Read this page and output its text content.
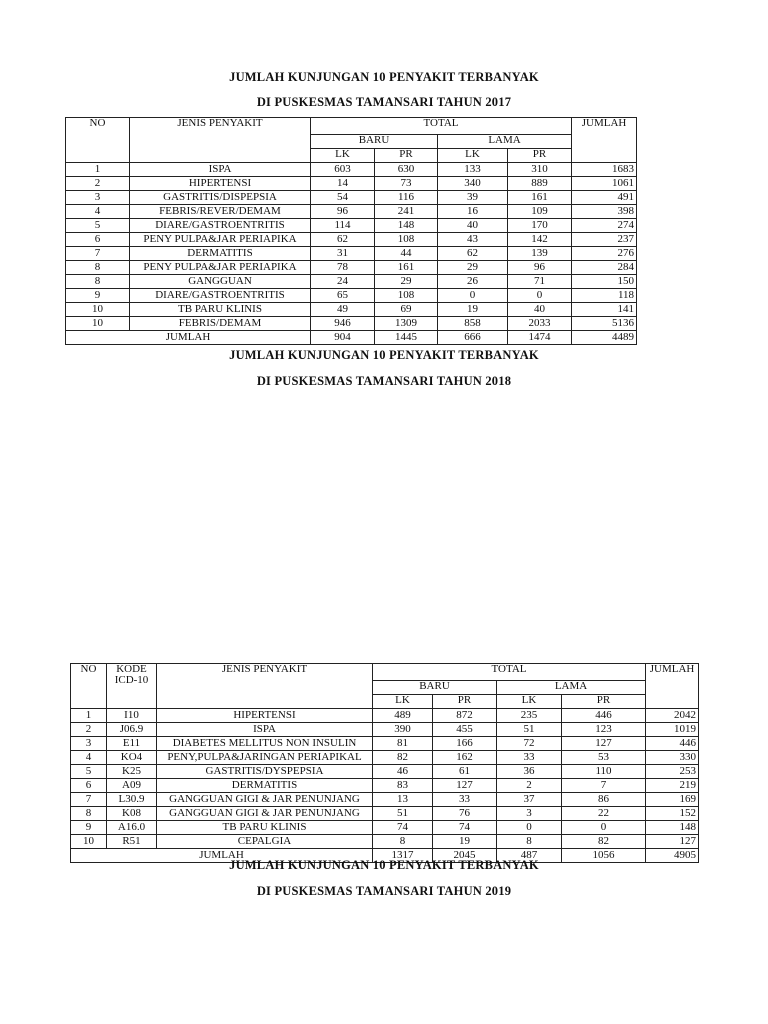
JUMLAH KUNJUNGAN 10 PENYAKIT TERBANYAK

DI PUSKESMAS TAMANSARI TAHUN 2017

NO	JENIS PENYAKIT	TOTAL				JUMLAH
		BARU		LAMA		
		LK	PR	LK	PR	
1	ISPA	603	630	133	310	1683
2	HIPERTENSI	14	73	340	889	1061
3	GASTRITIS/DISPEPSIA	54	116	39	161	491
4	FEBRIS/REVER/DEMAM	96	241	16	109	398
5	DIARE/GASTROENTRITIS	114	148	40	170	274
6	PENY PULPA&JAR PERIAPIKA	62	108	43	142	237
7	DERMATITIS	31	44	62	139	276
8	PENY PULPA&JAR PERIAPIKA	78	161	29	96	284
8	GANGGUAN	24	29	26	71	150
9	DIARE/GASTROENTRITIS	65	108	0	0	118
10	TB PARU KLINIS	49	69	19	40	141
10	FEBRIS/DEMAM	946	1309	858	2033	5136
JUMLAH		904	1445	666	1474	4489

JUMLAH KUNJUNGAN 10 PENYAKIT TERBANYAK

DI PUSKESMAS TAMANSARI TAHUN 2018

NO	KODE ICD-10	JENIS PENYAKIT	TOTAL				JUMLAH
			BARU		LAMA		
			LK	PR	LK	PR	
1	I10	HIPERTENSI	489	872	235	446	2042
2	J06.9	ISPA	390	455	51	123	1019
3	E11	DIABETES MELLITUS NON INSULIN	81	166	72	127	446
4	KO4	PENY,PULPA&JARINGAN PERIAPIKAL	82	162	33	53	330
5	K25	GASTRITIS/DYSPEPSIA	46	61	36	110	253
6	A09	DERMATITIS	83	127	2	7	219
7	L30.9	GANGGUAN GIGI & JAR PENUNJANG	13	33	37	86	169
8	K08	GANGGUAN GIGI & JAR PENUNJANG	51	76	3	22	152
9	A16.0	TB PARU KLINIS	74	74	0	0	148
10	R51	CEPALGIA	8	19	8	82	127
JUMLAH			1317	2045	487	1056	4905

JUMLAH KUNJUNGAN 10 PENYAKIT TERBANYAK

DI PUSKESMAS TAMANSARI TAHUN 2019
